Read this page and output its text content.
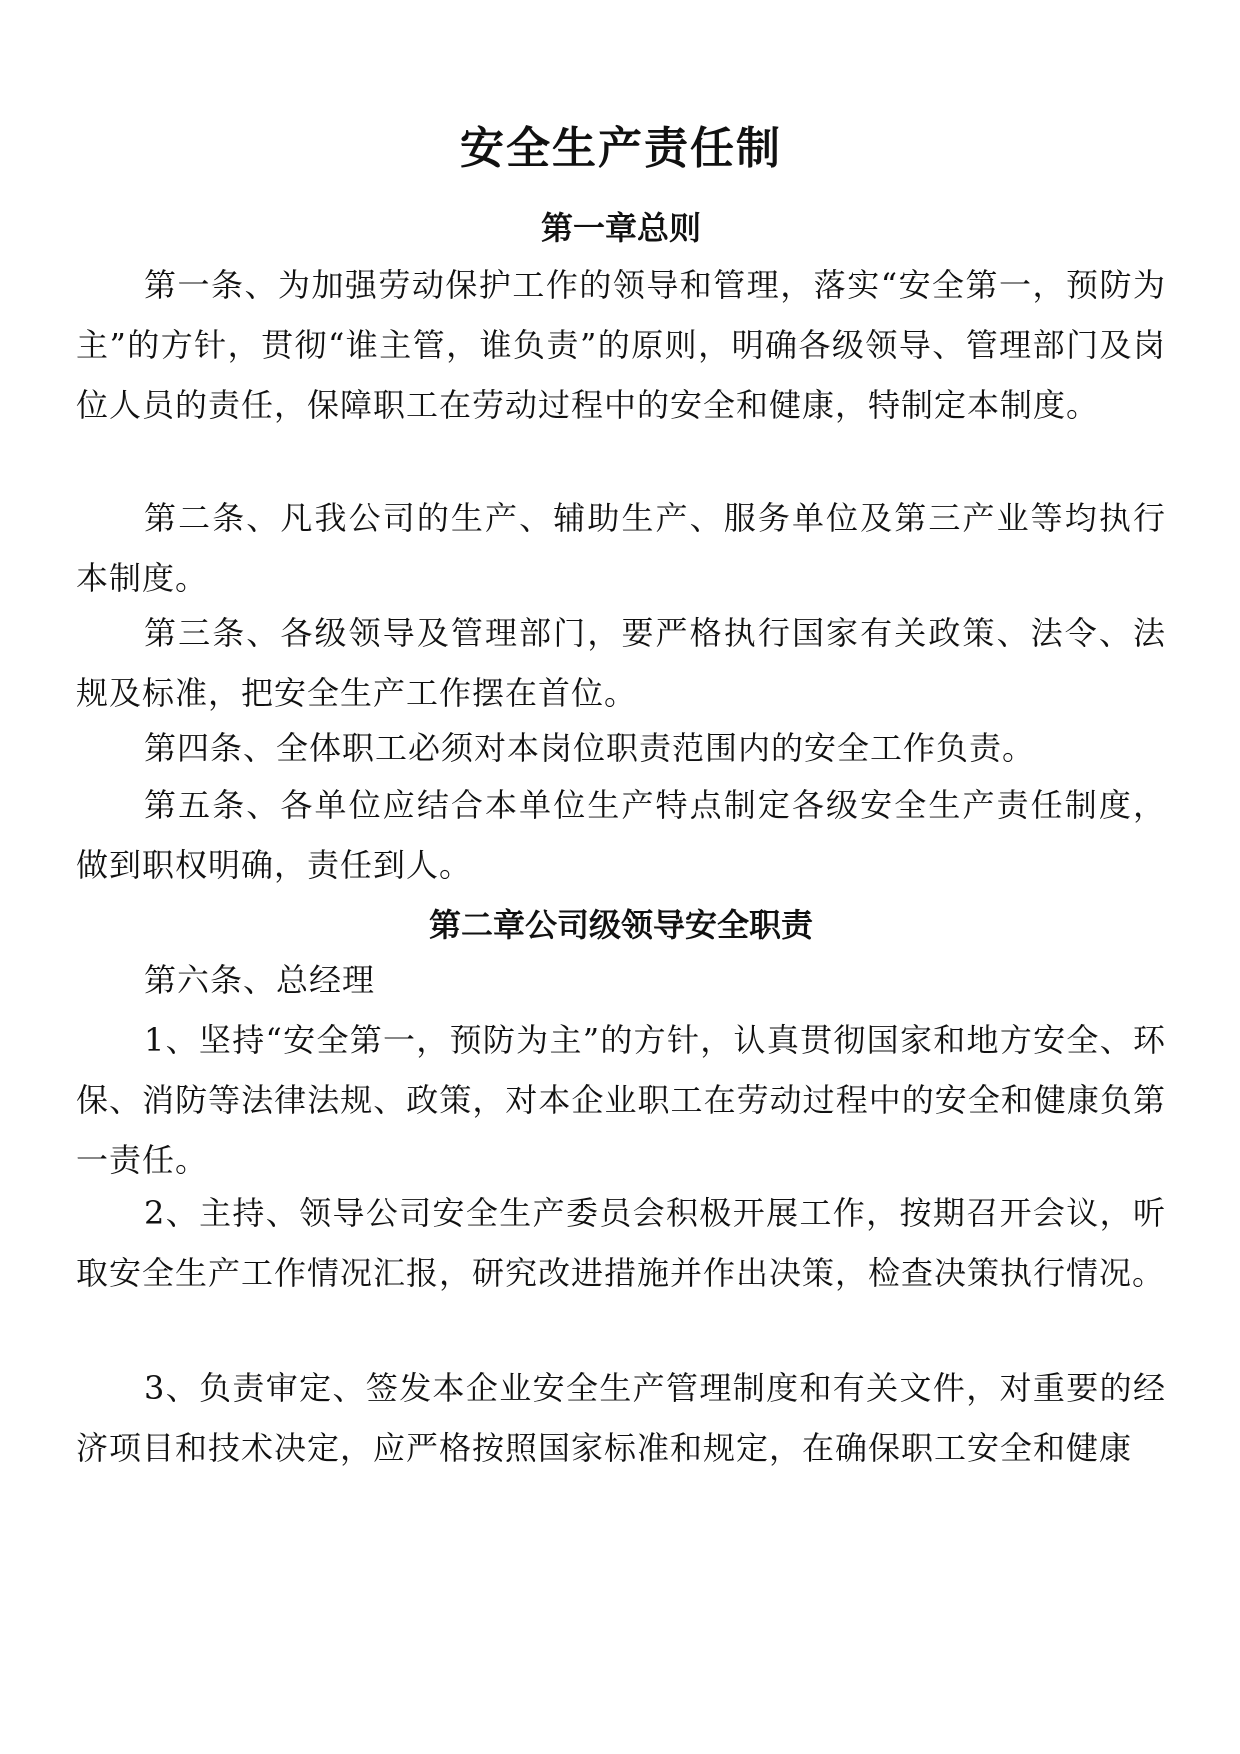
安全生产责任制
第一章总则

第一条、为加强劳动保护工作的领导和管理，落实“安全第一，预防为主”的方针，贯彻“谁主管，谁负责”的原则，明确各级领导、管理部门及岗位人员的责任，保障职工在劳动过程中的安全和健康，特制定本制度。

第二条、凡我公司的生产、辅助生产、服务单位及第三产业等均执行本制度。

第三条、各级领导及管理部门，要严格执行国家有关政策、法令、法规及标准，把安全生产工作摆在首位。

第四条、全体职工必须对本岗位职责范围内的安全工作负责。

第五条、各单位应结合本单位生产特点制定各级安全生产责任制度，做到职权明确，责任到人。

第二章公司级领导安全职责

第六条、总经理

1、坚持“安全第一，预防为主”的方针，认真贯彻国家和地方安全、环保、消防等法律法规、政策，对本企业职工在劳动过程中的安全和健康负第一责任。

2、主持、领导公司安全生产委员会积极开展工作，按期召开会议，听取安全生产工作情况汇报，研究改进措施并作出决策，检查决策执行情况。

3、负责审定、签发本企业安全生产管理制度和有关文件，对重要的经济项目和技术决定，应严格按照国家标准和规定，在确保职工安全和健康
